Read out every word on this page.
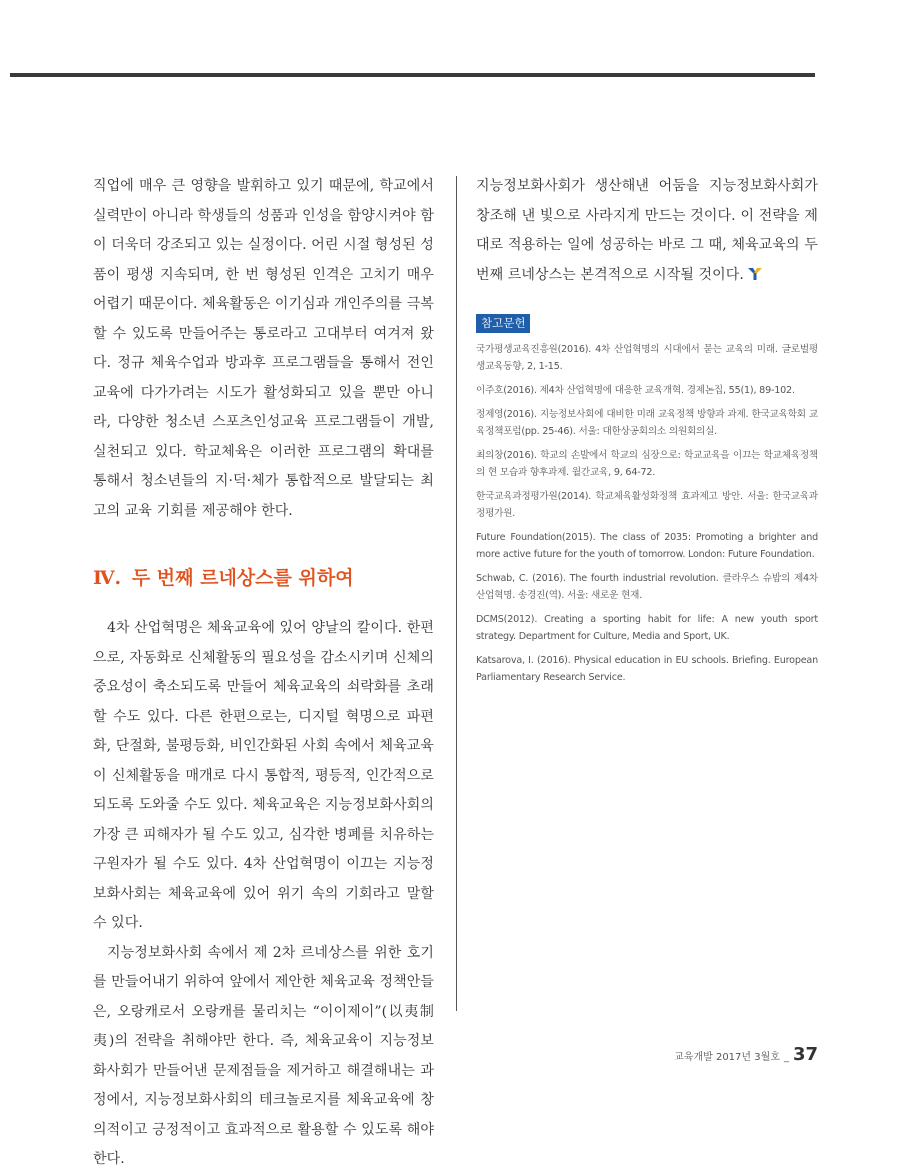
직업에 매우 큰 영향을 발휘하고 있기 때문에, 학교에서 실력만이 아니라 학생들의 성품과 인성을 함양시켜야 함이 더욱더 강조되고 있는 실정이다. 어린 시절 형성된 성품이 평생 지속되며, 한 번 형성된 인격은 고치기 매우 어렵기 때문이다. 체육활동은 이기심과 개인주의를 극복할 수 있도록 만들어주는 통로라고 고대부터 여겨져 왔다. 정규 체육수업과 방과후 프로그램들을 통해서 전인교육에 다가가려는 시도가 활성화되고 있을 뿐만 아니라, 다양한 청소년 스포츠인성교육 프로그램들이 개발, 실천되고 있다. 학교체육은 이러한 프로그램의 확대를 통해서 청소년들의 지·덕·체가 통합적으로 발달되는 최고의 교육 기회를 제공해야 한다.

Ⅳ. 두 번째 르네상스를 위하여

4차 산업혁명은 체육교육에 있어 양날의 칼이다. 한편으로, 자동화로 신체활동의 필요성을 감소시키며 신체의 중요성이 축소되도록 만들어 체육교육의 쇠락화를 초래할 수도 있다. 다른 한편으로는, 디지털 혁명으로 파편화, 단절화, 불평등화, 비인간화된 사회 속에서 체육교육이 신체활동을 매개로 다시 통합적, 평등적, 인간적으로 되도록 도와줄 수도 있다. 체육교육은 지능정보화사회의 가장 큰 피해자가 될 수도 있고, 심각한 병폐를 치유하는 구원자가 될 수도 있다. 4차 산업혁명이 이끄는 지능정보화사회는 체육교육에 있어 위기 속의 기회라고 말할 수 있다.

지능정보화사회 속에서 제 2차 르네상스를 위한 호기를 만들어내기 위하여 앞에서 제안한 체육교육 정책안들은, 오랑캐로서 오랑캐를 물리치는 “이이제이”(以夷制夷)의 전략을 취해야만 한다. 즉, 체육교육이 지능정보화사회가 만들어낸 문제점들을 제거하고 해결해내는 과정에서, 지능정보화사회의 테크놀로지를 체육교육에 창의적이고 긍정적이고 효과적으로 활용할 수 있도록 해야 한다.

지능정보화사회가 생산해낸 어둠을 지능정보화사회가 창조해 낸 빛으로 사라지게 만드는 것이다. 이 전략을 제대로 적용하는 일에 성공하는 바로 그 때, 체육교육의 두 번째 르네상스는 본격적으로 시작될 것이다.

참고문헌
국가평생교육진흥원(2016). 4차 산업혁명의 시대에서 묻는 교육의 미래. 글로벌평생교육동향, 2, 1-15.
이주호(2016). 제4차 산업혁명에 대응한 교육개혁. 경제논집, 55(1), 89-102.
정제영(2016). 지능정보사회에 대비한 미래 교육정책 방향과 과제. 한국교육학회 교육정책포럼(pp. 25-46). 서울: 대한상공회의소 의원회의실.
최의창(2016). 학교의 손발에서 학교의 심장으로: 학교교육을 이끄는 학교체육정책의 현 모습과 향후과제. 월간교육, 9, 64-72.
한국교육과정평가원(2014). 학교체육활성화정책 효과제고 방안. 서울: 한국교육과정평가원.
Future Foundation(2015). The class of 2035: Promoting a brighter and more active future for the youth of tomorrow. London: Future Foundation.
Schwab, C. (2016). The fourth industrial revolution. 클라우스 슈밥의 제4차 산업혁명. 송경진(역). 서울: 새로운 현재.
DCMS(2012). Creating a sporting habit for life: A new youth sport strategy. Department for Culture, Media and Sport, UK.
Katsarova, I. (2016). Physical education in EU schools. Briefing. European Parliamentary Research Service.
교육개발 2017년 3월호 _ 37
